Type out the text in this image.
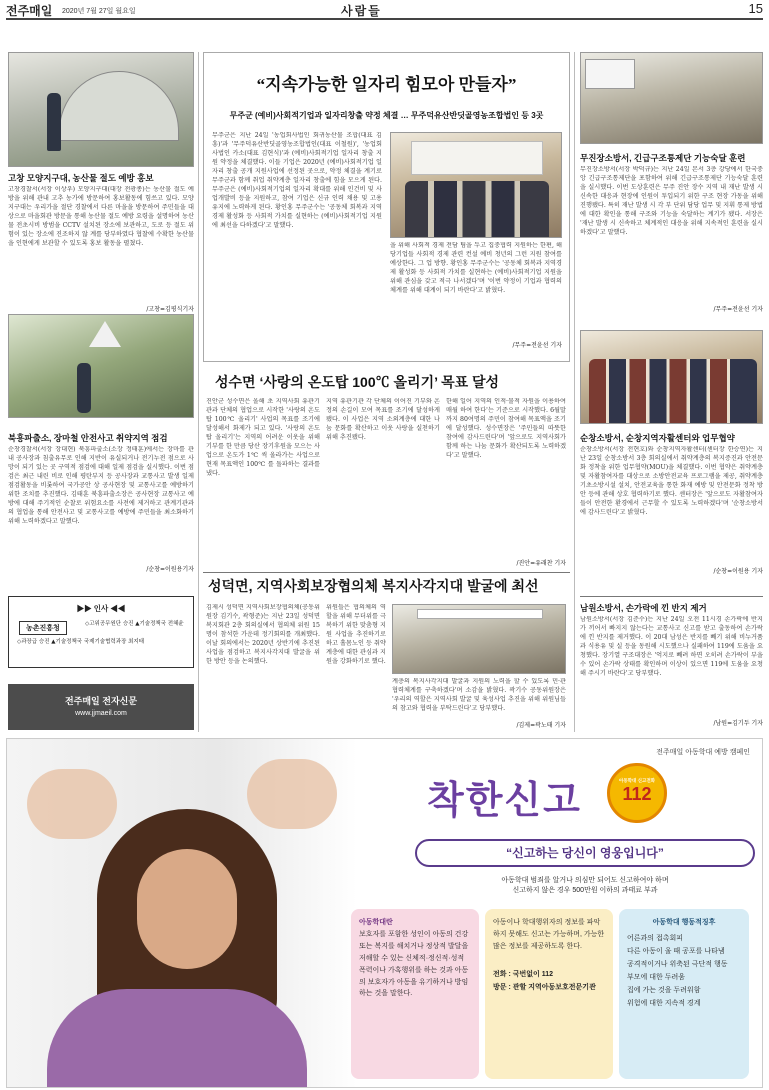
전주매일 2020년 7월 27일 월요일	사람들	15
고창 모양지구대, 농산물 절도 예방 홍보
고창경찰서(서장 이상우) 모양지구대(대장 전광종)는 농산물 절도 예방을 위해 관내 고추 농가에 방문하여 홍보활동에 힘쓰고 있다. 모양지구대는 우리가을 절단 경찰에서 다른 마을을 방문하여 주민들을 대상으로 마을회관 방문을 통해 농산물 절도 예방 요령을 설명하여 농산물 전초시비 방범을 CCTV 설치된 장소에 보관하고, 도로 등 절도 위험이 있는 장소에 진조하지 않 계를 당부하였다 협찰에 수확한 농산물을 인현에게 보관할 수 있도록 홍보 활동을 펼쳤다.
/고창=김평식기자
북흥파출소, 장마철 안전사고 취약지역 점검
순창경찰서(서장 장대현) 북흥파출소(소장 정태훈)에서는 장마를 관내 공사장과 침출유무로 인해 지반이 유실되거나 전기누전 점으로 사망이 되기 있는 곳 구역적 점검에 대해 일제 점검을 실시했다. 이번 점검은 최근 내린 비로 인해 평탄부지 등 공사장과 교통사고 발생 일제점검활동을 비롯하여 국가공안 상 공사현장 및 교통사고를 예방하기 위한 조치를 추진했다. 김태훈 북흥파출소장은 공사현장 교통사고 예방에 대해 주기적인 순찰로 위험요소를 사전에 제거하고 관계기관과의 협업을 통해 안전사고 및 교통사고를 예방에 주민들을 최소화하기 위해 노력하겠다고 말했다.
/순창=이원용기자
▶▶ 인사 ◀◀
농촌진흥청
◇고위공무원단 승진 ▲기술정책국 전혜윤
◇과장급 승진 ▲기술정책국 국제기술협력과장 최지태
전주매일 전자신문
www.jjmaeil.com
“지속가능한 일자리 힘모아 만들자”
무주군 (예비)사회적기업과 일자리창출 약정 체결 … 무주덕유산반딧골영농조합법인 등 3곳
무주군은 지난 24일 '농업회사법인 회귀농산물 조합(대표 김흥)'과 '무주덕유산반딧골영농조합법인(대표 이철원)', '농업회사법인 카소(대표 김현식)'과 (예비)사회적기업 일자리 창출 지원 약정을 체결했다. 이들 기업은 2020년 (예비)사회적기업 일자리 창출 공개 지원사업에 선정된 곳으로, 약정 체결을 계기로 무주군과 함께 취업 취약계층 일자리 창출에 힘을 모으게 된다. 무주군은 (예비)사회적기업의 일자리 확대를 위해 인건비 및 사업개발비 등을 지원하고, 참여 기업은 신규 인력 채용 및 고용 유지에 노력하게 된다. 황인홍 무주군수는 '공동체 회복과 지역경제 활성화 등 사회적 가치를 실현하는 (예비)사회적기업 지원에 최선을 다하겠다'고 말했다.
을 위해 사회적 경제 전담 팀을 두고 집중협력 지원하는 한편, 해당기업들 사회적 경제 관련 컨설 예비 청년의 그런 지원 참여를 예상한다. 그 업 방향. 황인홍 무주군수는 '공동체 회복과 지역경제 활성화 등 사회적 가치를 실현하는 (예비)사회적기업 지원을 위해 관심을 갖고 적극 나서겠다'며 '이번 약정이 기업과 협력의 체계를 위해 대계이 되기 바란다'고 밝혔다.
/무주=전윤선 기자
성수면 ‘사랑의 온도탑 100℃ 올리기’ 목표 달성
진안군 성수면은 올해 초 지역사회 유관기관과 단체의 협업으로 시작한 '사랑의 온도탑 100℃ 올리기' 사업의 목표를 조기에 달성해서 화제가 되고 있다. '사랑의 온도탑 올리기'는 지역의 어려운 이웃을 위해 기부를 한 만큼 당산 장기후원을 모으는 사업으로 온도가 1℃ 씩 올라가는 사업으로 현재 목표액인 100℃ 를 돌파하는 결과를 냈다.
지역 유관기관 각 단체의 이어진 기부와 온정의 손길이 모여 목표를 조기에 달성하게 됐다. 이 사업은 지역 소외계층에 대한 나눔 문화를 확산하고 이웃 사랑을 실천하기 위해 추진됐다.
한해 일어 지역의 인적·물적 자원을 이용하여 매월 하여 한다'는 기준으로 시작했다. 6월말까지 80여명의 주민이 참여해 목표액을 조기에 달성했다. 성수면장은 '주민들의 따뜻한 참여에 감사드린다'며 '앞으로도 지역사회가 함께 하는 나눔 문화가 확산되도록 노력하겠다'고 말했다.
/진안=유래찬 기자
성덕면, 지역사회보장협의체 복지사각지대 발굴에 최선
김제시 성덕면 지역사회보장협의체(공동위원장 김기수, 곽형준)는 지난 23일 성덕면 복지회관 2층 회의실에서 협의체 위원 15명이 참석한 가운데 정기회의를 개최했다. 이날 회의에서는 2020년 상반기에 추진된 사업을 점검하고 복지사각지대 발굴을 위한 방안 등을 논의했다.
위원들은 협의체의 역할을 위해 무더위를 극복하기 위한 맞춤형 지원 사업을 추진하기로 하고 홀몸노인 등 취약계층에 대한 관심과 지원을 강화하기로 했다.
계층의 복지사각지대 발굴과 지원의 노력을 할 수 있도록 민·관 협력체계를 구축하겠다'며 소감을 밝혔다. 곽기수 공동위원장은 '우리의 역할은 지역사회 발굴 및 육성사업 추진을 위해 위원님들의 참고와 협력을 부탁드린다'고 당부했다.
/김제=곽노태 기자
무진장소방서, 긴급구조통제단 기능숙달 훈련
무진장소방서(서장 박덕규)는 지난 24일 본서 3층 강당에서 한국중앙 긴급구조통제단을 포함하여 위해 긴급구조통제단 기능숙달 훈련을 실시했다. 이번 도상훈련은 무주 진안 장수 지역 내 재난 발생 시 신속한 대응과 현장에 인원이 투입되기 위한 구조 현장 가동을 위해 진행됐다. 특히 재난 발생 시 각 부 단위 담당 업무 및 지휘 통제 방법에 대한 확인을 통해 구조와 기능을 숙달하는 계기가 됐다. 서장은 '재난 발생 시 신속하고 체계적인 대응을 위해 지속적인 훈련을 실시하겠다'고 말했다.
/무주=전윤선 기자
순창소방서, 순창지역자활센터와 업무협약
순창소방서(서장 전현호)와 순창지역자활센터(센터장 한승연)는 지난 23일 순창소방서 3층 회의실에서 취약계층의 복지증진과 안전문화 정착을 위한 업무협약(MOU)을 체결했다. 이번 협약은 취약계층 및 자활참여자를 대상으로 소방안전교육 프로그램을 제공, 취약계층 기초소방시설 설치, 안전교육을 통한 화재 예방 및 안전문화 정착 방안 등에 관해 상호 협력하기로 했다. 센터장은 '앞으로도 자활참여자들이 안전한 환경에서 근무할 수 있도록 노력하겠다'며 '순창소방서에 감사드린다'고 밝혔다.
/순창=이원용 기자
남원소방서, 손가락에 낀 반지 제거
남원소방서(서장 김준수)는 지난 24일 오전 11시경 손가락에 반지가 끼어서 빠지지 않는다는 교통사고 신고를 받고 출동하여 손가락에 낀 반지를 제거했다. 이 20대 남성은 반지를 빼기 위해 비누거품과 식용유 및 실 등을 동원해 시도했으나 실패하여 119에 도움을 요청했다. 장기열 구조대장은 '억지로 빼려 하면 오히려 손가락이 부을 수 있어 손가락 상태를 확인하며 이상이 있으면 119에 도움을 요청해 주시기 바란다'고 당부했다.
/남원=김기두 기자
전주매일 아동학대 예방 캠페인
착한신고	아동학대 신고전화
112
“신고하는 당신이 영웅입니다”
아동학대 범죄를 알거나 의심만 되어도 신고하여야 하며
신고하지 않은 경우 500만원 이하의 과태료 부과
아동학대란
보호자를 포함한 성인이 아동의 건강 또는 복지를 해치거나 정상적 발달을 저해할 수 있는 신체적·정신적·성적 폭력이나 가혹행위를 하는 것과 아동의 보호자가 아동을 유기하거나 방임하는 것을 말한다.
아동이나 학대행위자의 정보를 파악하지 못해도 신고는 가능하며, 가능한 많은 정보를 제공하도록 한다.
전화 : 국번없이 112
방문 : 관할 지역아동보호전문기관
아동학대 행동적징후
어른과의 접촉회피
다른 아동이 울 때 공포를 나타냄
공격적이거나 위축된 극단적 행동
부모에 대한 두려움
집에 가는 것을 두려워함
위험에 대한 지속적 경계
